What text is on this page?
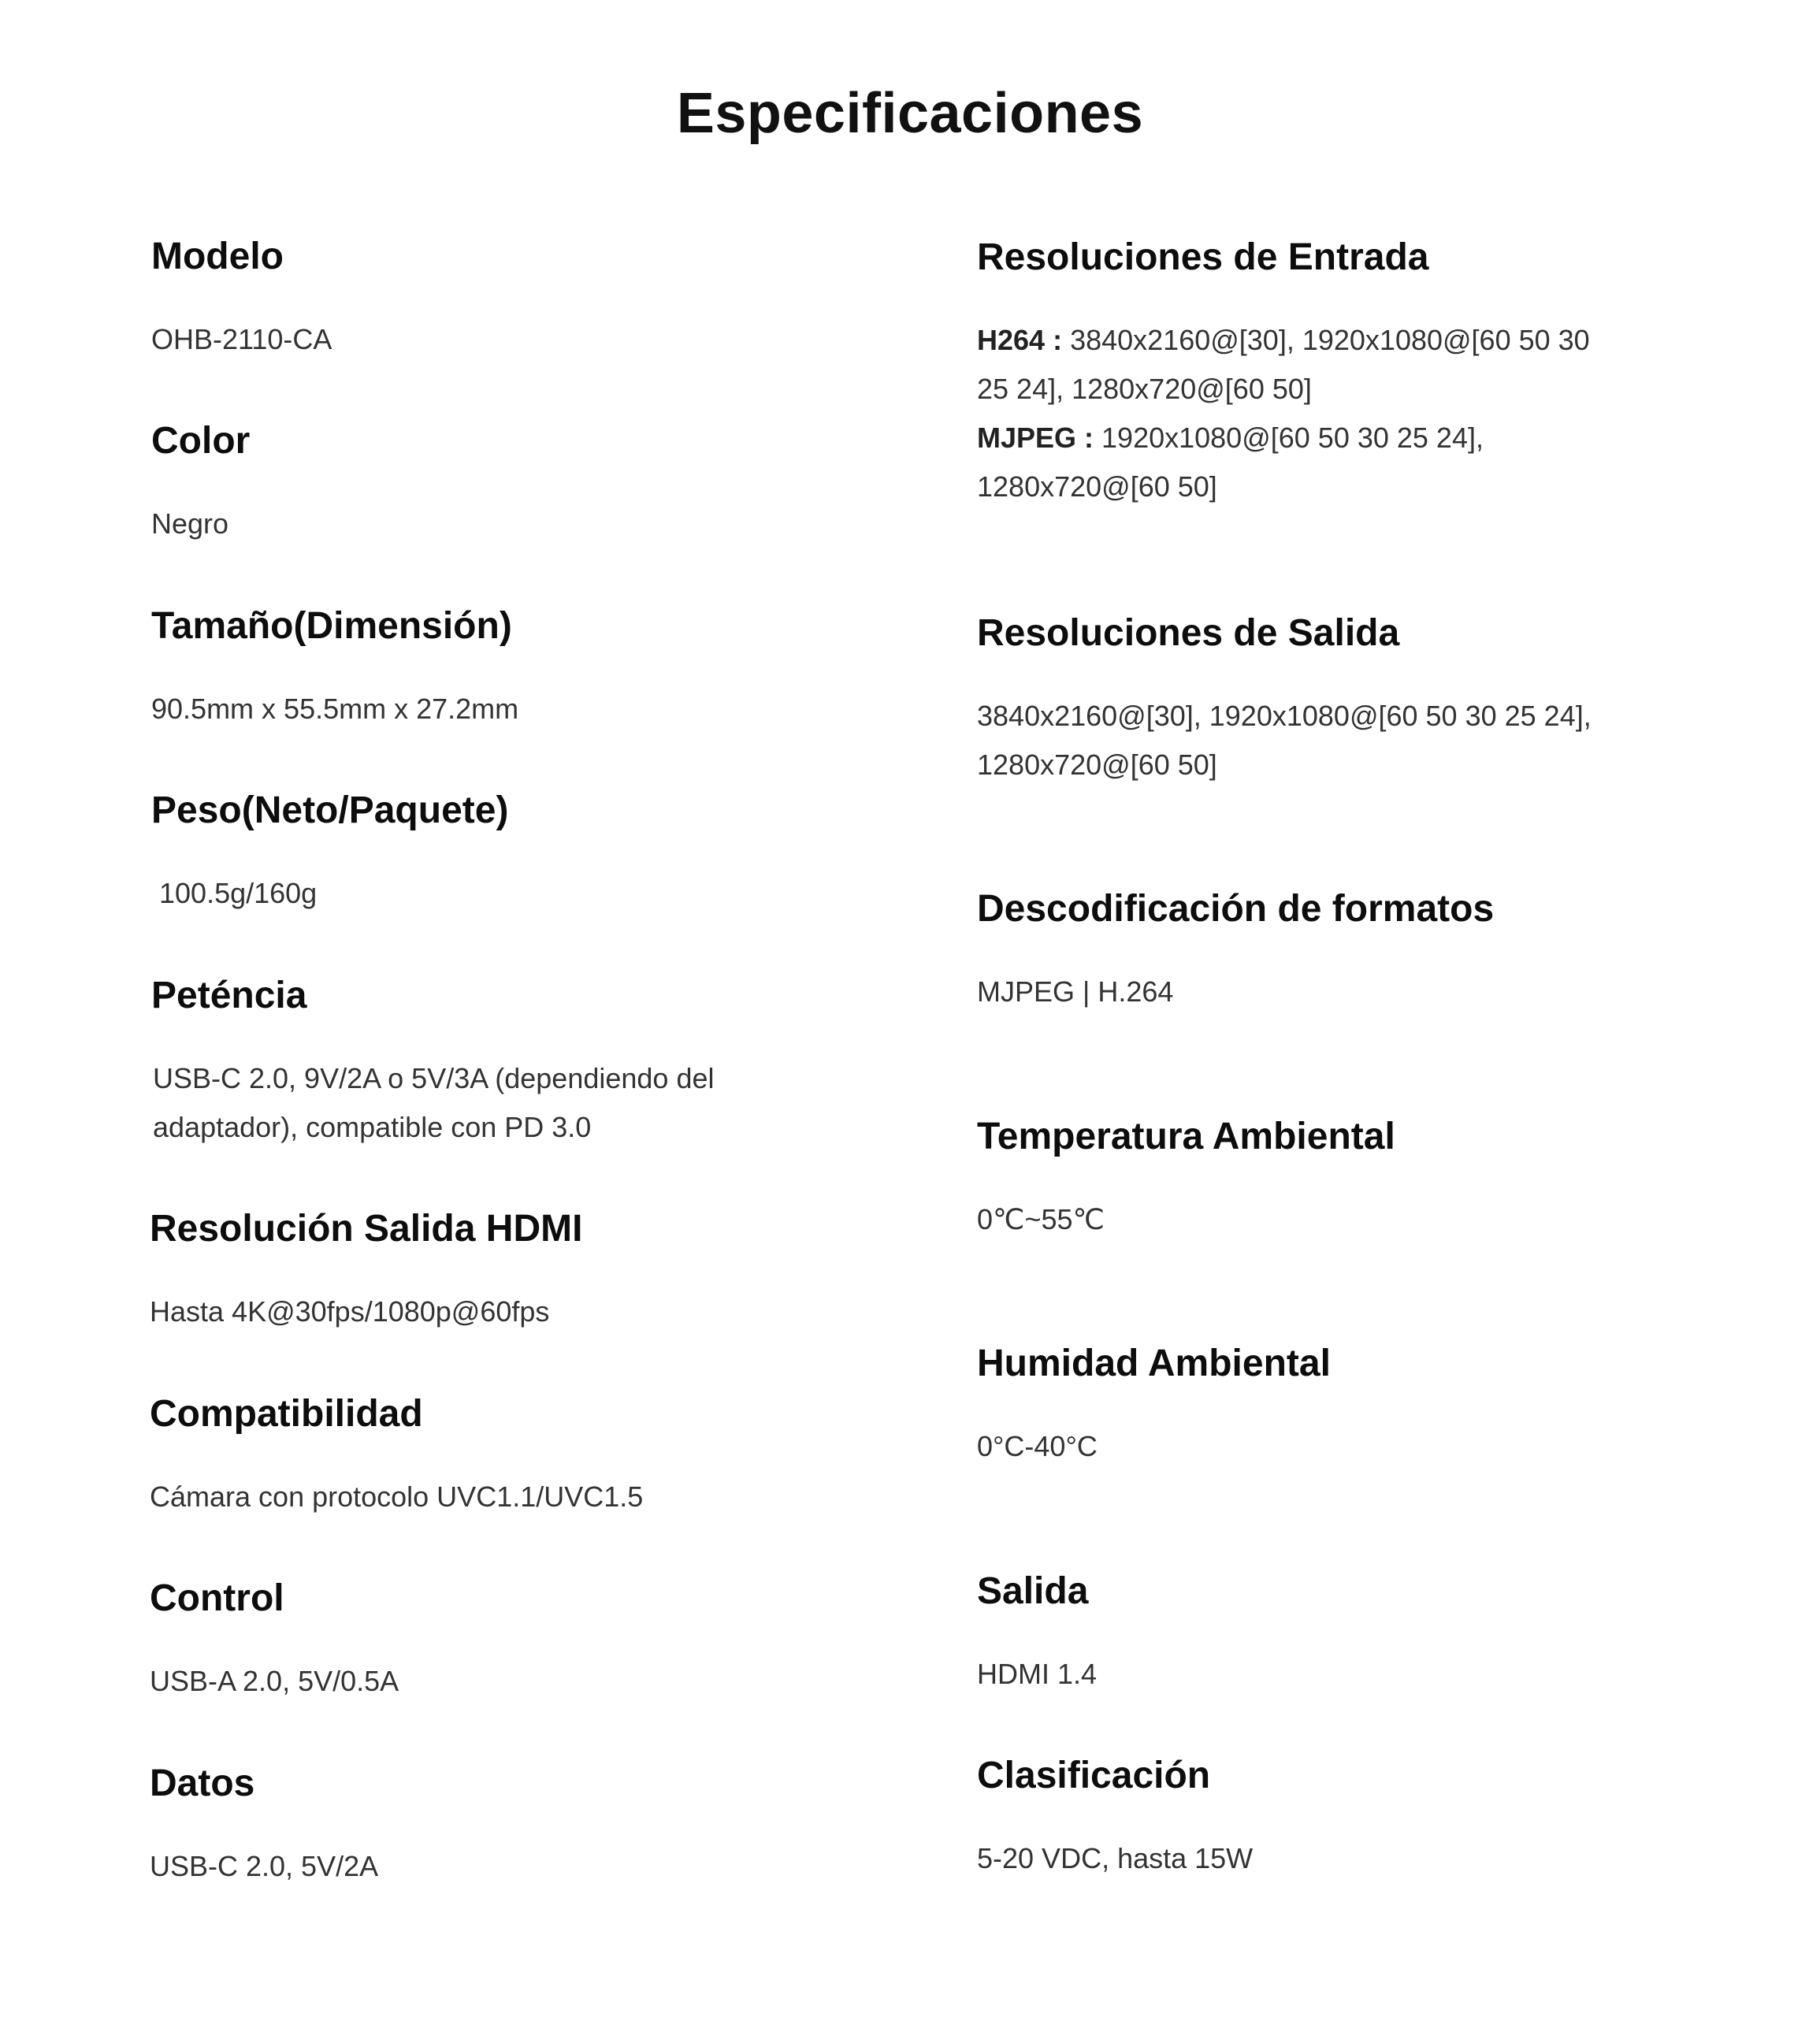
Especificaciones
Modelo
OHB-2110-CA
Color
Negro
Tamaño(Dimensión)
90.5mm x 55.5mm x 27.2mm
Peso(Neto/Paquete)
100.5g/160g
Peténcia
USB-C 2.0, 9V/2A o 5V/3A (dependiendo del adaptador), compatible con PD 3.0
Resolución Salida HDMI
Hasta 4K@30fps/1080p@60fps
Compatibilidad
Cámara con protocolo UVC1.1/UVC1.5
Control
USB-A 2.0, 5V/0.5A
Datos
USB-C 2.0, 5V/2A
Resoluciones de Entrada
H264 : 3840x2160@[30], 1920x1080@[60 50 30 25 24], 1280x720@[60 50]
MJPEG : 1920x1080@[60 50 30 25 24], 1280x720@[60 50]
Resoluciones de Salida
3840x2160@[30], 1920x1080@[60 50 30 25 24], 1280x720@[60 50]
Descodificación de formatos
MJPEG | H.264
Temperatura Ambiental
0℃~55℃
Humidad Ambiental
0°C-40°C
Salida
HDMI 1.4
Clasificación
5-20 VDC, hasta 15W
